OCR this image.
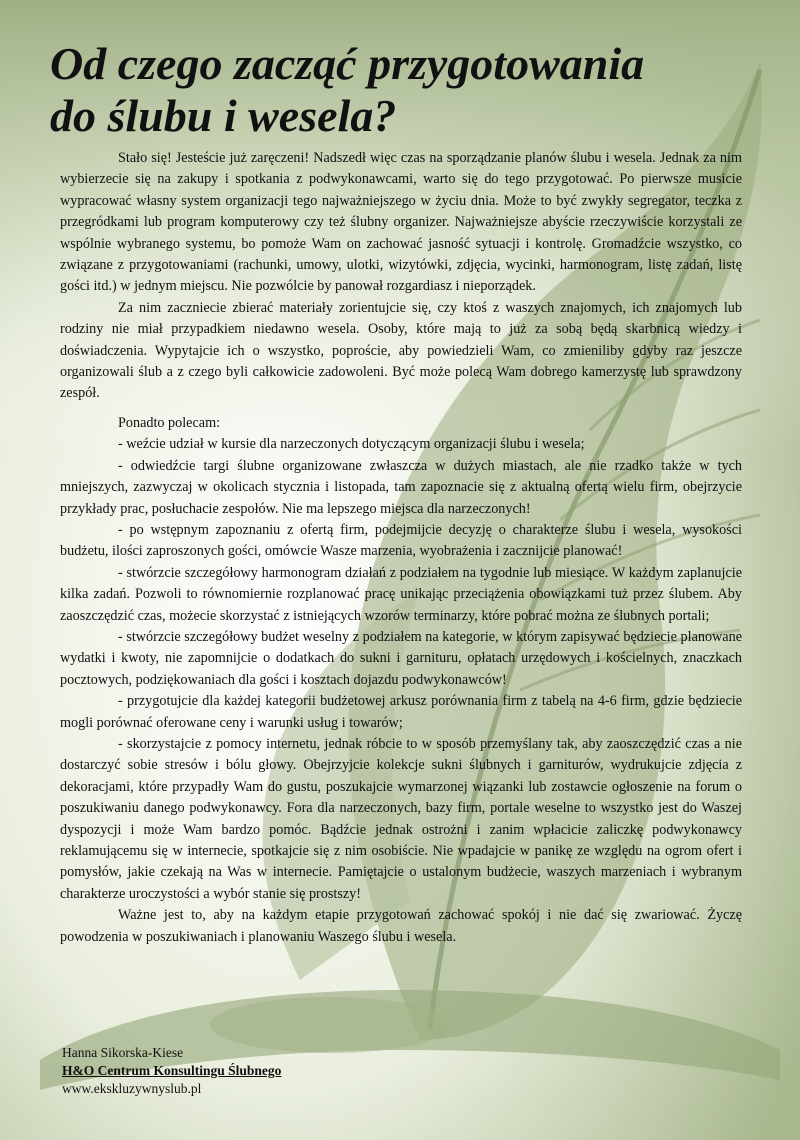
Od czego zacząć przygotowania
do ślubu i wesela?

Stało się! Jesteście już zaręczeni! Nadszedł więc czas na sporządzanie planów ślubu i wesela. Jednak za nim wybierzecie się na zakupy i spotkania z podwykonawcami, warto się do tego przygotować. Po pierwsze musicie wypracować własny system organizacji tego najważniejszego w życiu dnia. Może to być zwykły segregator, teczka z przegródkami lub program komputerowy czy też ślubny organizer. Najważniejsze abyście rzeczywiście korzystali ze wspólnie wybranego systemu, bo pomoże Wam on zachować jasność sytuacji i kontrolę. Gromadźcie wszystko, co związane z przygotowaniami (rachunki, umowy, ulotki, wizytówki, zdjęcia, wycinki, harmonogram, listę zadań, listę gości itd.) w jednym miejscu. Nie pozwólcie by panował rozgardiasz i nieporządek.

Za nim zaczniecie zbierać materiały zorientujcie się, czy ktoś z waszych znajomych, ich znajomych lub rodziny nie miał przypadkiem niedawno wesela. Osoby, które mają to już za sobą będą skarbnicą wiedzy i doświadczenia. Wypytajcie ich o wszystko, poproście, aby powiedzieli Wam, co zmieniliby gdyby raz jeszcze organizowali ślub a z czego byli całkowicie zadowoleni. Być może polecą Wam dobrego kamerzystę lub sprawdzony zespół.

Ponadto polecam:

- weźcie udział w kursie dla narzeczonych dotyczącym organizacji ślubu i wesela;

- odwiedźcie targi ślubne organizowane zwłaszcza w dużych miastach, ale nie rzadko także w tych mniejszych, zazwyczaj w okolicach stycznia i listopada, tam zapoznacie się z aktualną ofertą wielu firm, obejrzycie przykłady prac, posłuchacie zespołów. Nie ma lepszego miejsca dla narzeczonych!

- po wstępnym zapoznaniu z ofertą firm, podejmijcie decyzję o charakterze ślubu i wesela, wysokości budżetu, ilości zaproszonych gości, omówcie Wasze marzenia, wyobrażenia i zacznijcie planować!

- stwórzcie szczegółowy harmonogram działań z podziałem na tygodnie lub miesiące. W każdym zaplanujcie kilka zadań. Pozwoli to równomiernie rozplanować pracę unikając przeciążenia obowiązkami tuż przez ślubem. Aby zaoszczędzić czas, możecie skorzystać z istniejących wzorów terminarzy, które pobrać można ze ślubnych portali;

- stwórzcie szczegółowy budżet weselny z podziałem na kategorie, w którym zapisywać będziecie planowane wydatki i kwoty, nie zapomnijcie o dodatkach do sukni i garnituru, opłatach urzędowych i kościelnych, znaczkach pocztowych, podziękowaniach dla gości i kosztach dojazdu podwykonawców!

- przygotujcie dla każdej kategorii budżetowej arkusz porównania firm z tabelą na 4-6 firm, gdzie będziecie mogli porównać oferowane ceny i warunki usług i towarów;

- skorzystajcie z pomocy internetu, jednak róbcie to w sposób przemyślany tak, aby zaoszczędzić czas a nie dostarczyć sobie stresów i bólu głowy. Obejrzyjcie kolekcje sukni ślubnych i garniturów, wydrukujcie zdjęcia z dekoracjami, które przypadły Wam do gustu, poszukajcie wymarzonej wiązanki lub zostawcie ogłoszenie na forum o poszukiwaniu danego podwykonawcy. Fora dla narzeczonych, bazy firm, portale weselne to wszystko jest do Waszej dyspozycji i może Wam bardzo pomóc. Bądźcie jednak ostrożni i zanim wpłacicie zaliczkę podwykonawcy reklamującemu się w internecie, spotkajcie się z nim osobiście. Nie wpadajcie w panikę ze względu na ogrom ofert i pomysłów, jakie czekają na Was w internecie. Pamiętajcie o ustalonym budżecie, waszych marzeniach i wybranym charakterze uroczystości a wybór stanie się prostszy!

Ważne jest to, aby na każdym etapie przygotowań zachować spokój i nie dać się zwariować. Życzę powodzenia w poszukiwaniach i planowaniu Waszego ślubu i wesela.

Hanna Sikorska-Kiese
H&O Centrum Konsultingu Ślubnego
www.ekskluzywnyslub.pl
